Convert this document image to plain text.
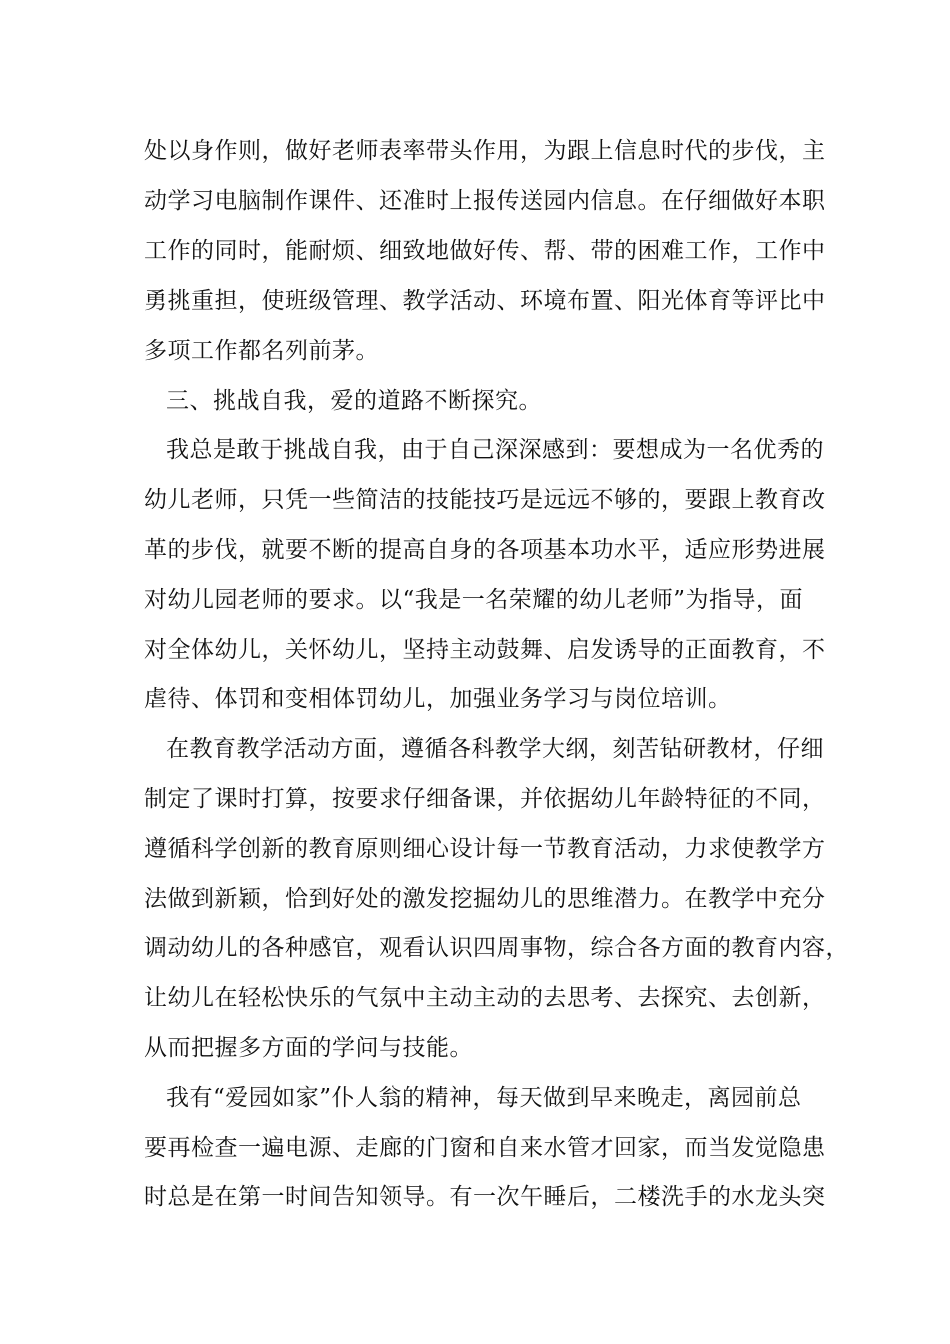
处以身作则，做好老师表率带头作用，为跟上信息时代的步伐，主
动学习电脑制作课件、还准时上报传送园内信息。在仔细做好本职
工作的同时，能耐烦、细致地做好传、帮、带的困难工作，工作中
勇挑重担，使班级管理、教学活动、环境布置、阳光体育等评比中
多项工作都名列前茅。
三、挑战自我，爱的道路不断探究。
我总是敢于挑战自我，由于自己深深感到：要想成为一名优秀的
幼儿老师，只凭一些简洁的技能技巧是远远不够的，要跟上教育改
革的步伐，就要不断的提高自身的各项基本功水平，适应形势进展
对幼儿园老师的要求。以“我是一名荣耀的幼儿老师”为指导，面
对全体幼儿，关怀幼儿，坚持主动鼓舞、启发诱导的正面教育，不
虐待、体罚和变相体罚幼儿，加强业务学习与岗位培训。
在教育教学活动方面，遵循各科教学大纲，刻苦钻研教材，仔细
制定了课时打算，按要求仔细备课，并依据幼儿年龄特征的不同，
遵循科学创新的教育原则细心设计每一节教育活动，力求使教学方
法做到新颖，恰到好处的激发挖掘幼儿的思维潜力。在教学中充分
调动幼儿的各种感官，观看认识四周事物，综合各方面的教育内容，
让幼儿在轻松快乐的气氛中主动主动的去思考、去探究、去创新，
从而把握多方面的学问与技能。
我有“爱园如家”仆人翁的精神，每天做到早来晚走，离园前总
要再检查一遍电源、走廊的门窗和自来水管才回家，而当发觉隐患
时总是在第一时间告知领导。有一次午睡后，二楼洗手的水龙头突
